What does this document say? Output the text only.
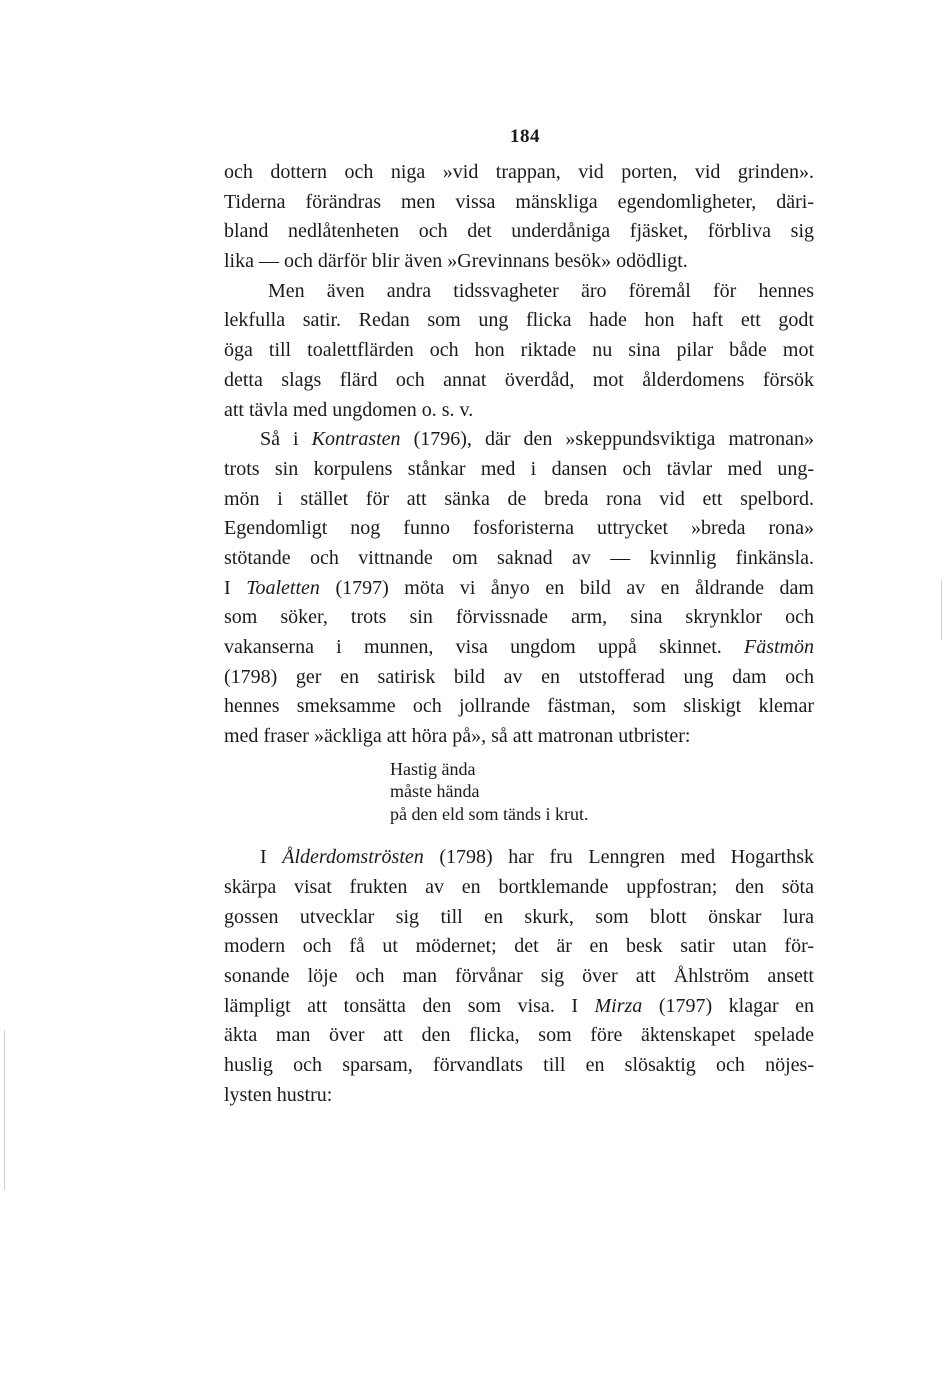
184
och dottern och niga »vid trappan, vid porten, vid grinden».
Tiderna förändras men vissa mänskliga egendomligheter, däri-
bland nedlåtenheten och det underdåniga fjäsket, förbliva sig
lika — och därför blir även »Grevinnans besök» odödligt.
Men även andra tidssvagheter äro föremål för hennes
lekfulla satir. Redan som ung flicka hade hon haft ett godt
öga till toalettflärden och hon riktade nu sina pilar både mot
detta slags flärd och annat överdåd, mot ålderdomens försök
att tävla med ungdomen o. s. v.
Så i Kontrasten (1796), där den »skeppundsviktiga matronan»
trots sin korpulens stånkar med i dansen och tävlar med ung-
mön i stället för att sänka de breda rona vid ett spelbord.
Egendomligt nog funno fosforisterna uttrycket »breda rona»
stötande och vittnande om saknad av — kvinnlig finkänsla.
I Toaletten (1797) möta vi ånyo en bild av en åldrande dam
som söker, trots sin förvissnade arm, sina skrynklor och
vakanserna i munnen, visa ungdom uppå skinnet. Fästmön
(1798) ger en satirisk bild av en utstofferad ung dam och
hennes smeksamme och jollrande fästman, som sliskigt klemar
med fraser »äckliga att höra på», så att matronan utbrister:
Hastig ända
måste hända
på den eld som tänds i krut.
I Ålderdomströsten (1798) har fru Lenngren med Hogarthsk
skärpa visat frukten av en bortklemande uppfostran; den söta
gossen utvecklar sig till en skurk, som blott önskar lura
modern och få ut mödernet; det är en besk satir utan för-
sonande löje och man förvånar sig över att Åhlström ansett
lämpligt att tonsätta den som visa. I Mirza (1797) klagar en
äkta man över att den flicka, som före äktenskapet spelade
huslig och sparsam, förvandlats till en slösaktig och nöjes-
lysten hustru:
